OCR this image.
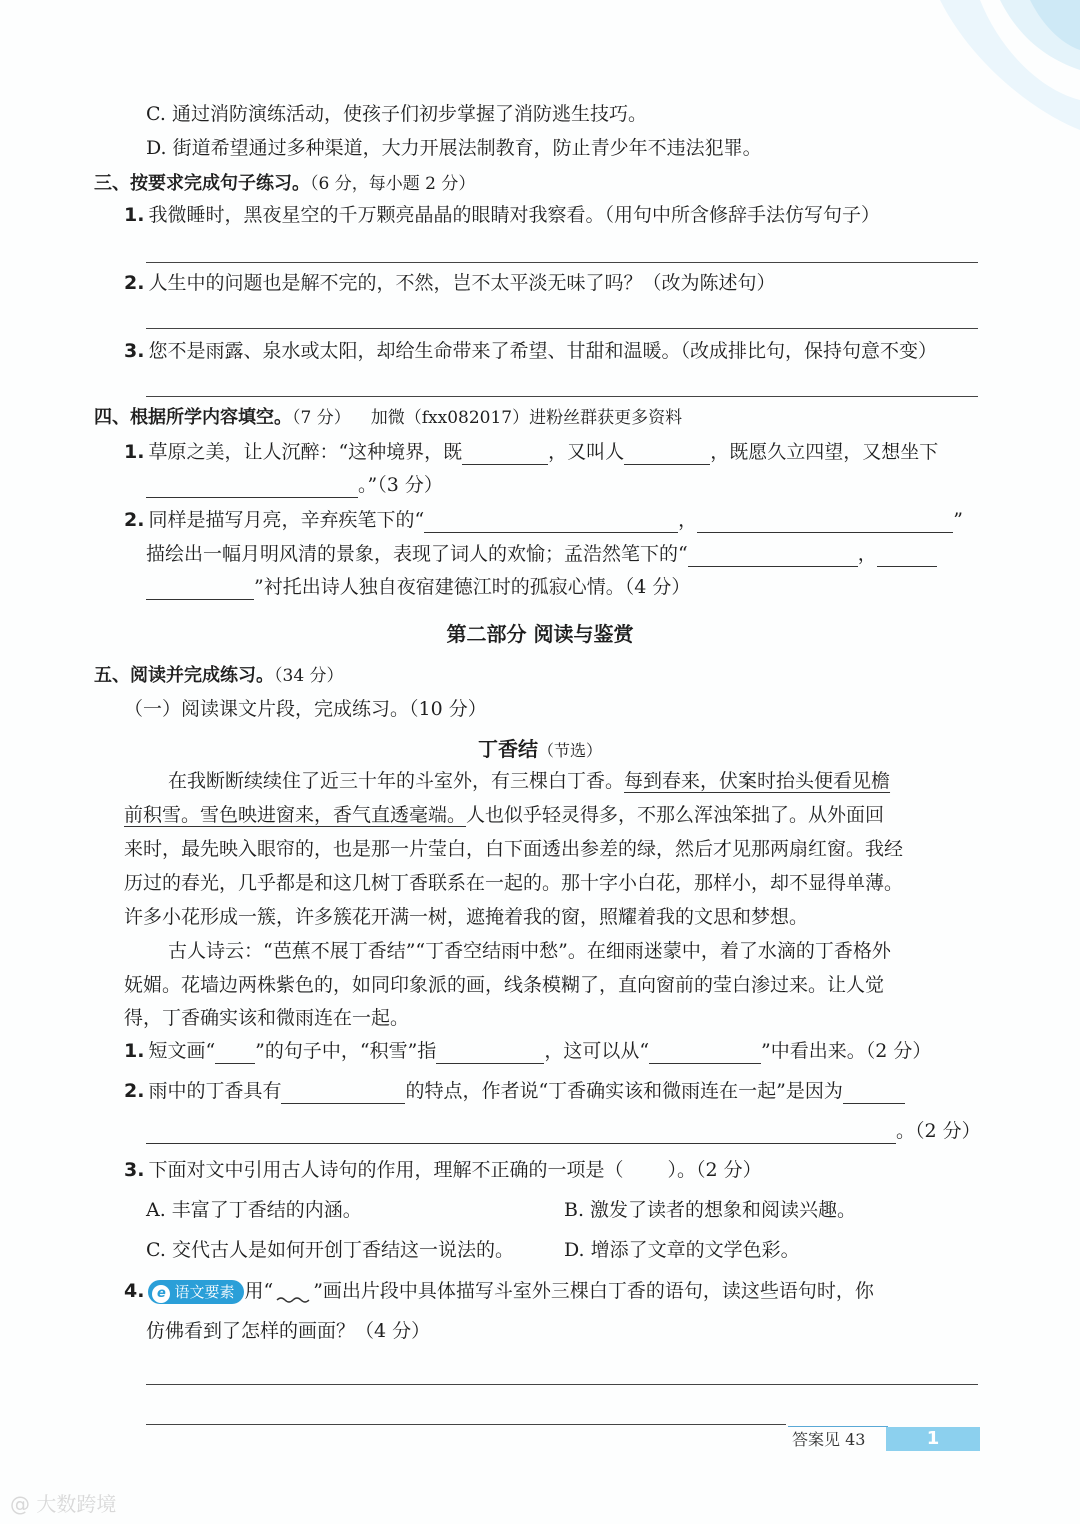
C. 通过消防演练活动，使孩子们初步掌握了消防逃生技巧。
D. 街道希望通过多种渠道，大力开展法制教育，防止青少年不违法犯罪。
三、按要求完成句子练习。（6 分，每小题 2 分）
1. 我微睡时，黑夜星空的千万颗亮晶晶的眼睛对我察看。（用句中所含修辞手法仿写句子）
2. 人生中的问题也是解不完的，不然，岂不太平淡无味了吗？（改为陈述句）
3. 您不是雨露、泉水或太阳，却给生命带来了希望、甘甜和温暖。（改成排比句，保持句意不变）
四、根据所学内容填空。（7 分） 加微（fxx082017）进粉丝群获更多资料
1. 草原之美，让人沉醉：“这种境界，既	，又叫人	，既愿久立四望，又想坐下
。”（3 分）
2. 同样是描写月亮，辛弃疾笔下的“	，	”
描绘出一幅月明风清的景象，表现了词人的欢愉；孟浩然笔下的“	，
”衬托出诗人独自夜宿建德江时的孤寂心情。（4 分）
第二部分 阅读与鉴赏
五、阅读并完成练习。（34 分）
（一）阅读课文片段，完成练习。（10 分）
丁香结（节选）
在我断断续续住了近三十年的斗室外，有三棵白丁香。每到春来，伏案时抬头便看见檐
前积雪。雪色映进窗来，香气直透毫端。人也似乎轻灵得多，不那么浑浊笨拙了。从外面回
来时，最先映入眼帘的，也是那一片莹白，白下面透出参差的绿，然后才见那两扇红窗。我经
历过的春光，几乎都是和这几树丁香联系在一起的。那十字小白花，那样小，却不显得单薄。
许多小花形成一簇，许多簇花开满一树，遮掩着我的窗，照耀着我的文思和梦想。
古人诗云：“芭蕉不展丁香结”“丁香空结雨中愁”。在细雨迷蒙中，着了水滴的丁香格外
妩媚。花墙边两株紫色的，如同印象派的画，线条模糊了，直向窗前的莹白渗过来。让人觉
得，丁香确实该和微雨连在一起。
1. 短文画“ ”的句子中，“积雪”指	，这可以从“	”中看出来。（2 分）
2. 雨中的丁香具有	的特点，作者说“丁香确实该和微雨连在一起”是因为
。（2 分）
3. 下面对文中引用古人诗句的作用，理解不正确的一项是（ ）。（2 分）
A. 丰富了丁香结的内涵。	B. 激发了读者的想象和阅读兴趣。
C. 交代古人是如何开创丁香结这一说法的。	D. 增添了文章的文学色彩。
4. e 语文要素 用“ ”画出片段中具体描写斗室外三棵白丁香的语句，读这些语句时，你
仿佛看到了怎样的画面？（4 分）
答案见 43	1
@ 大数跨境
